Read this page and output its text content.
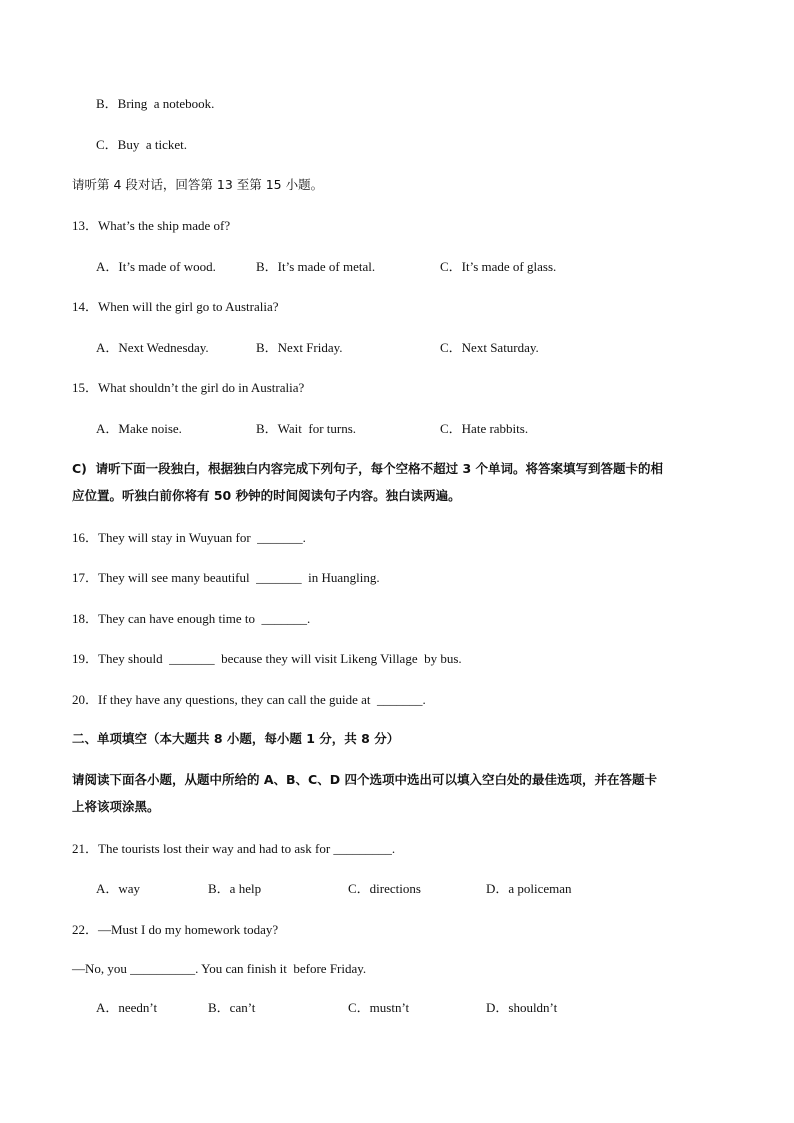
B．Bring  a notebook.
C．Buy  a ticket.
请听第 4 段对话，回答第 13 至第 15 小题。
13．What’s the ship made of?
A．It’s made of wood.	B．It’s made of metal.	C．It’s made of glass.
14．When will the girl go to Australia?
A．Next Wednesday.	B．Next Friday.	C．Next Saturday.
15．What shouldn’t the girl do in Australia?
A．Make noise.	B．Wait  for turns.	C．Hate rabbits.
C)  请听下面一段独白，根据独白内容完成下列句子，每个空格不超过 3 个单词。将答案填写到答题卡的相
应位置。听独白前你将有 50 秒钟的时间阅读句子内容。独白读两遍。
16．They will stay in Wuyuan for  _______.
17．They will see many beautiful  _______  in Huangling.
18．They can have enough time to  _______.
19．They should  _______  because they will visit Likeng Village  by bus.
20．If they have any questions, they can call the guide at  _______.
二、单项填空（本大题共 8 小题，每小题 1 分，共 8 分）
请阅读下面各小题，从题中所给的 A、B、C、D 四个选项中选出可以填入空白处的最佳选项，并在答题卡
上将该项涂黑。
21．The tourists lost their way and had to ask for _________.
A．way	B．a help	C．directions	D．a policeman
22．—Must I do my homework today?
—No, you __________. You can finish it  before Friday.
A．needn’t	B．can’t	C．mustn’t	D．shouldn’t
